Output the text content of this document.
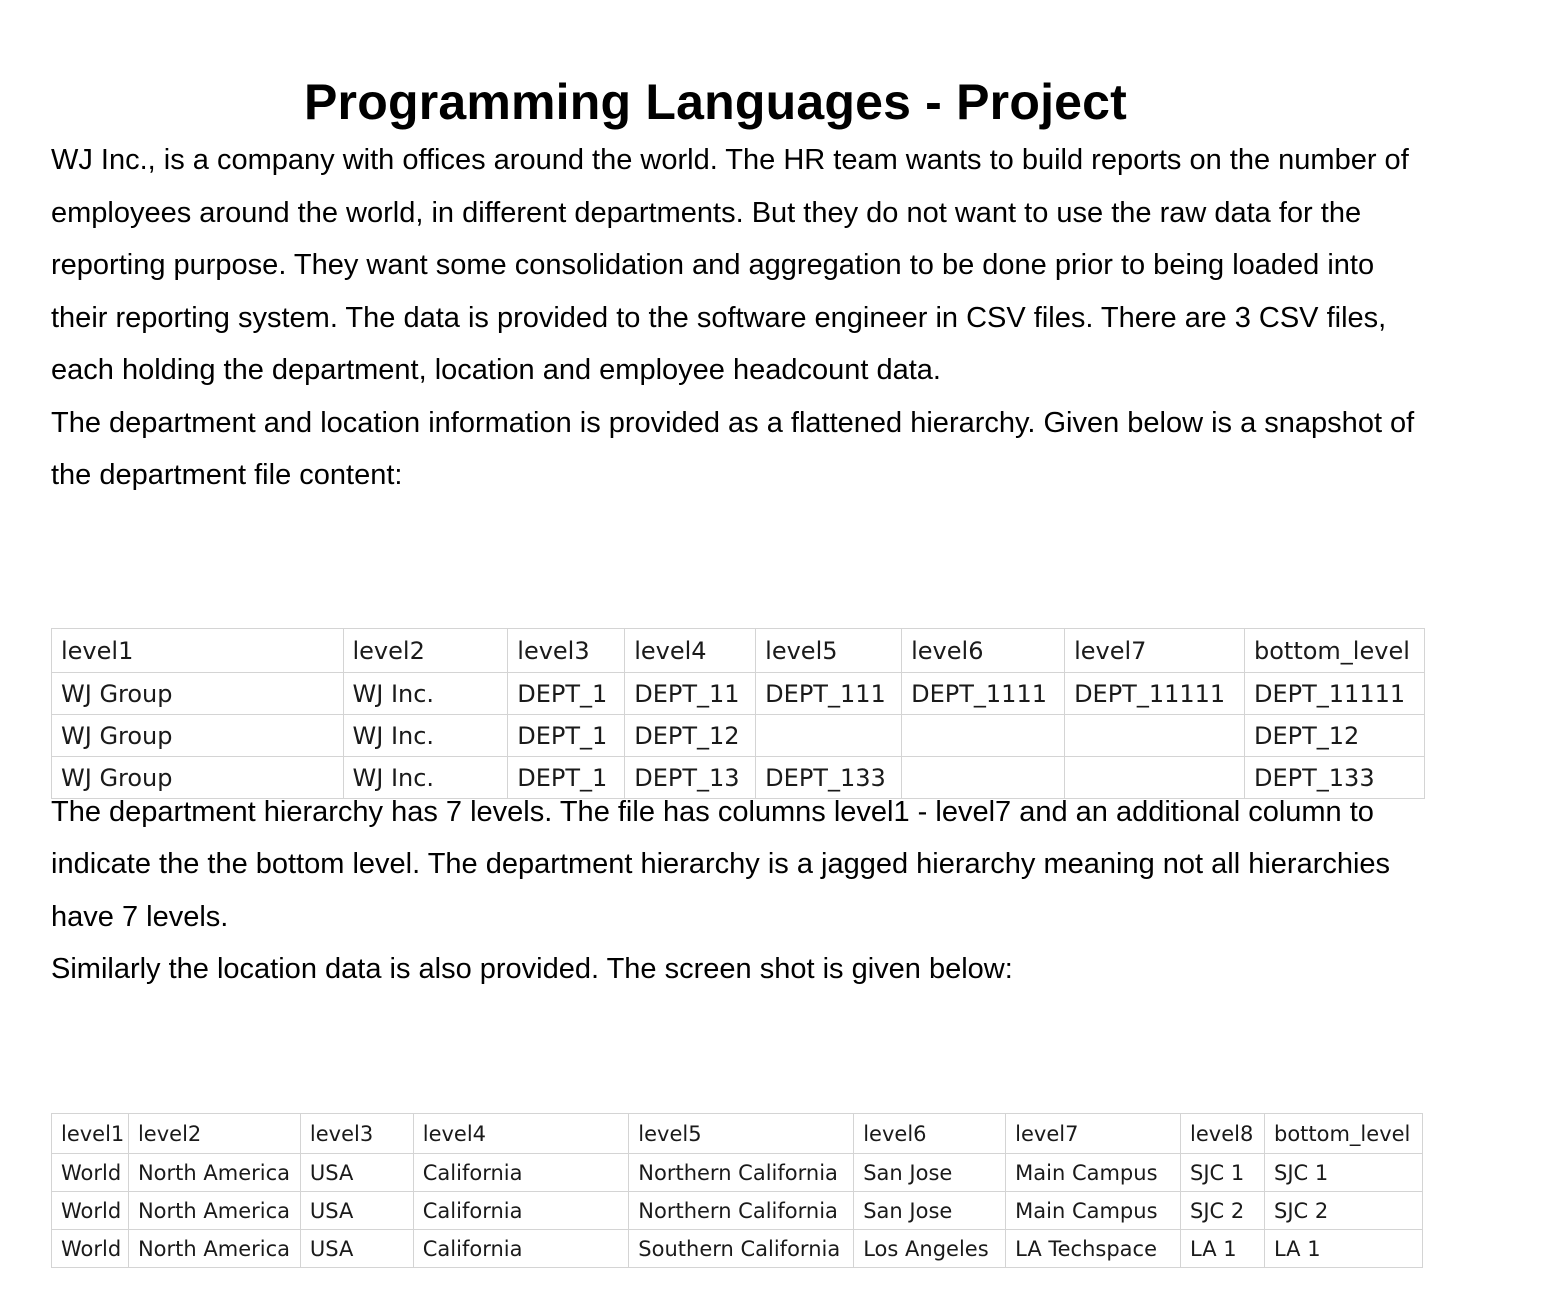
Programming Languages - Project

WJ Inc., is a company with offices around the world. The HR team wants to build reports on the number of employees around the world, in different departments. But they do not want to use the raw data for the reporting purpose. They want some consolidation and aggregation to be done prior to being loaded into their reporting system. The data is provided to the software engineer in CSV files. There are 3 CSV files, each holding the department, location and employee headcount data.

The department and location information is provided as a flattened hierarchy. Given below is a snapshot of the department file content:

The department hierarchy has 7 levels. The file has columns level1 - level7 and an additional column to indicate the the bottom level. The department hierarchy is a jagged hierarchy meaning not all hierarchies have 7 levels.

Similarly the location data is also provided. The screen shot is given below:

level1	level2	level3	level4	level5	level6	level7	bottom_level
WJ Group	WJ Inc.	DEPT_1	DEPT_11	DEPT_111	DEPT_1111	DEPT_11111	DEPT_11111
WJ Group	WJ Inc.	DEPT_1	DEPT_12				DEPT_12
WJ Group	WJ Inc.	DEPT_1	DEPT_13	DEPT_133			DEPT_133
level1	level2	level3	level4	level5	level6	level7	level8	bottom_level
World	North America	USA	California	Northern California	San Jose	Main Campus	SJC 1	SJC 1
World	North America	USA	California	Northern California	San Jose	Main Campus	SJC 2	SJC 2
World	North America	USA	California	Southern California	Los Angeles	LA Techspace	LA 1	LA 1
